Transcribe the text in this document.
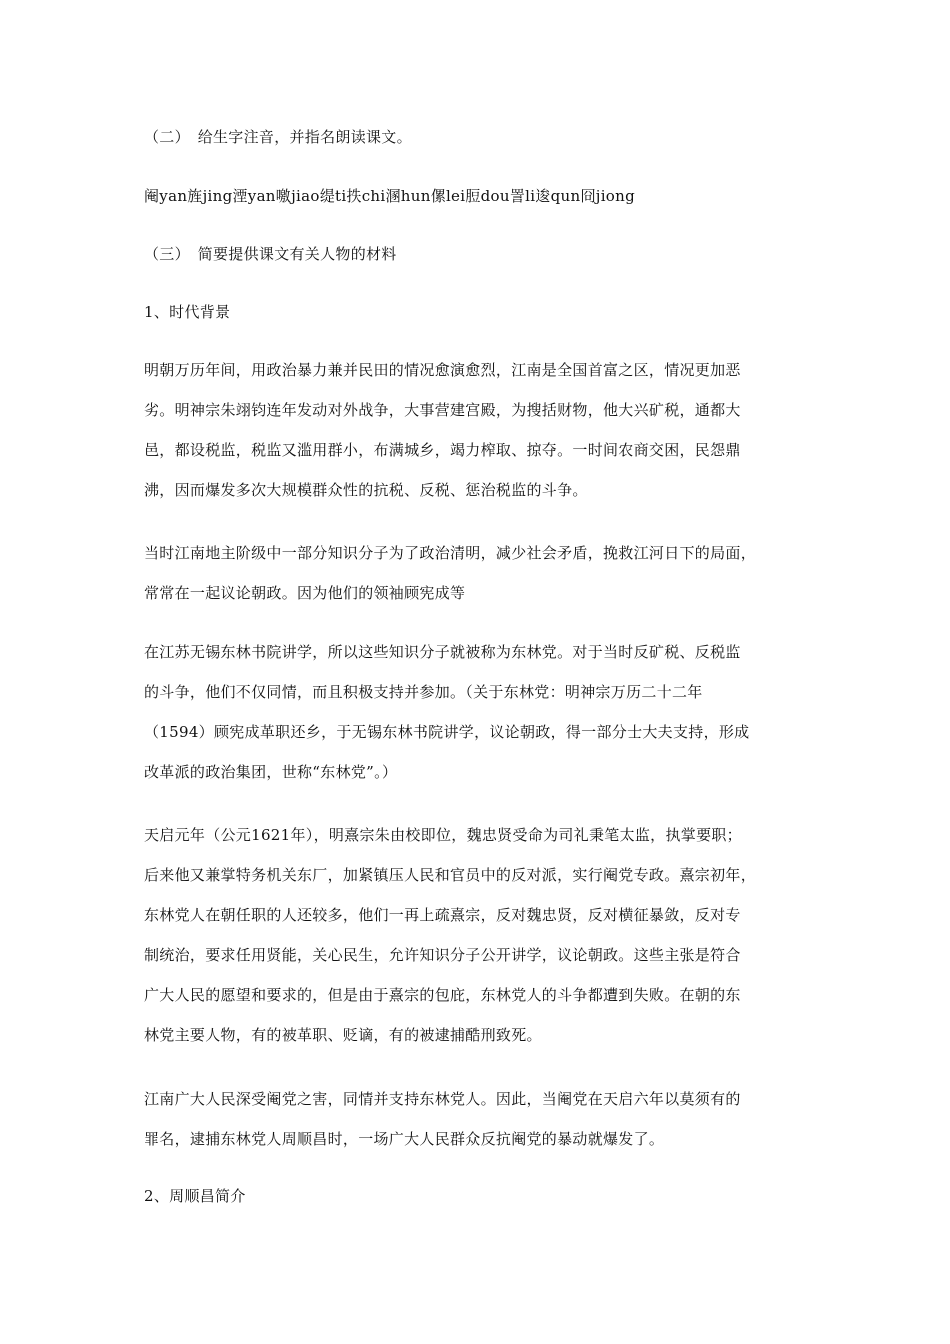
（二）　给生字注音，并指名朗读课文。
阉yan旌jing湮yan噭jiao缇ti抶chi溷hun傫lei脰dou詈li逡qun冏jiong
（三）　简要提供课文有关人物的材料
1、时代背景
明朝万历年间，用政治暴力兼并民田的情况愈演愈烈，江南是全国首富之区，情况更加恶
劣。明神宗朱翊钧连年发动对外战争，大事营建宫殿，为搜括财物，他大兴矿税，通都大
邑，都设税监，税监又滥用群小，布满城乡，竭力榨取、掠夺。一时间农商交困，民怨鼎
沸，因而爆发多次大规模群众性的抗税、反税、惩治税监的斗争。
当时江南地主阶级中一部分知识分子为了政治清明，减少社会矛盾，挽救江河日下的局面，
常常在一起议论朝政。因为他们的领袖顾宪成等
在江苏无锡东林书院讲学，所以这些知识分子就被称为东林党。对于当时反矿税、反税监
的斗争，他们不仅同情，而且积极支持并参加。（关于东林党：明神宗万历二十二年
（1594）顾宪成革职还乡，于无锡东林书院讲学，议论朝政，得一部分士大夫支持，形成
改革派的政治集团，世称“东林党”。）
天启元年（公元1621年），明熹宗朱由校即位，魏忠贤受命为司礼秉笔太监，执掌要职；
后来他又兼掌特务机关东厂，加紧镇压人民和官员中的反对派，实行阉党专政。熹宗初年，
东林党人在朝任职的人还较多，他们一再上疏熹宗，反对魏忠贤，反对横征暴敛，反对专
制统治，要求任用贤能，关心民生，允许知识分子公开讲学，议论朝政。这些主张是符合
广大人民的愿望和要求的，但是由于熹宗的包庇，东林党人的斗争都遭到失败。在朝的东
林党主要人物，有的被革职、贬谪，有的被逮捕酷刑致死。
江南广大人民深受阉党之害，同情并支持东林党人。因此，当阉党在天启六年以莫须有的
罪名，逮捕东林党人周顺昌时，一场广大人民群众反抗阉党的暴动就爆发了。
2、周顺昌简介
